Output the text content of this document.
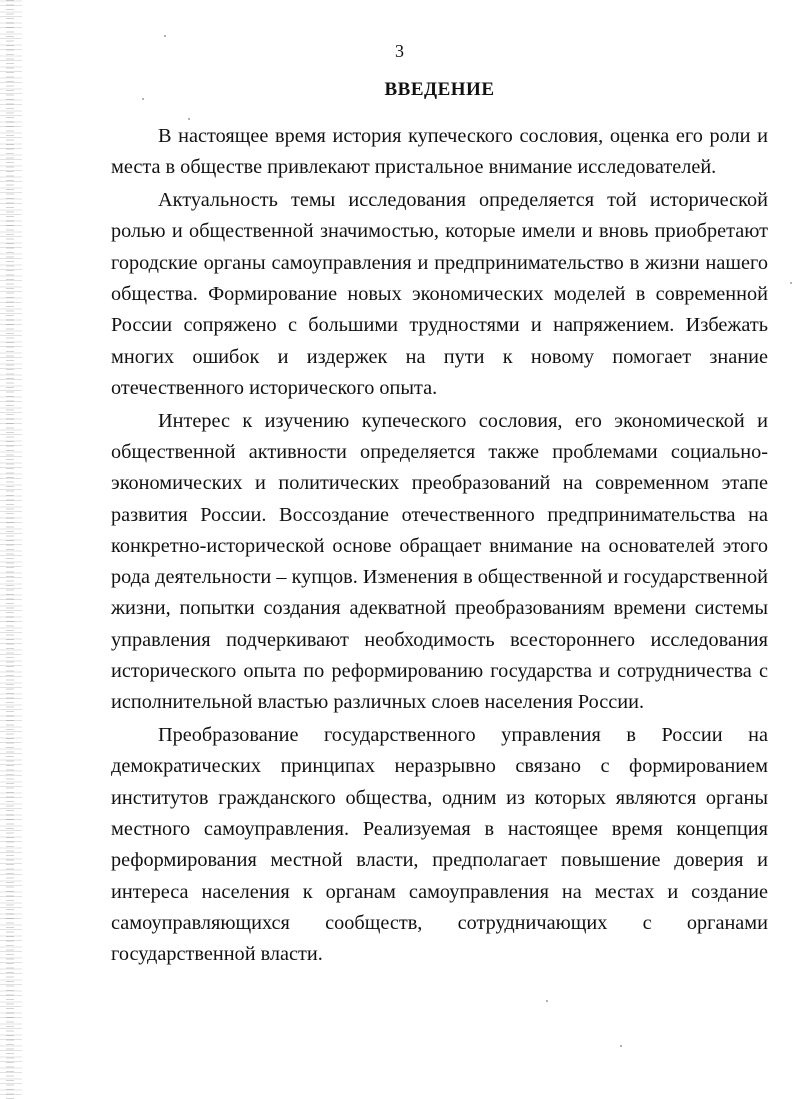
3
ВВЕДЕНИЕ
В настоящее время история купеческого сословия, оценка его роли и
места в обществе привлекают пристальное внимание исследователей.
Актуальность темы исследования определяется той исторической
ролью и общественной значимостью, которые имели и вновь приобретают
городские органы самоуправления и предпринимательство в жизни нашего
общества. Формирование новых экономических моделей в современной
России сопряжено с большими трудностями и напряжением. Избежать
многих ошибок и издержек на пути к новому помогает знание
отечественного исторического опыта.
Интерес к изучению купеческого сословия, его экономической и
общественной активности определяется также проблемами социально-
экономических и политических преобразований на современном этапе
развития России. Воссоздание отечественного предпринимательства на
конкретно-исторической основе обращает внимание на основателей этого
рода деятельности – купцов. Изменения в общественной и государственной
жизни, попытки создания адекватной преобразованиям времени системы
управления подчеркивают необходимость всестороннего исследования
исторического опыта по реформированию государства и сотрудничества с
исполнительной властью различных слоев населения России.
Преобразование государственного управления в России на
демократических принципах неразрывно связано с формированием
институтов гражданского общества, одним из которых являются органы
местного самоуправления. Реализуемая в настоящее время концепция
реформирования местной власти, предполагает повышение доверия и
интереса населения к органам самоуправления на местах и создание
самоуправляющихся сообществ, сотрудничающих с органами
государственной власти.
